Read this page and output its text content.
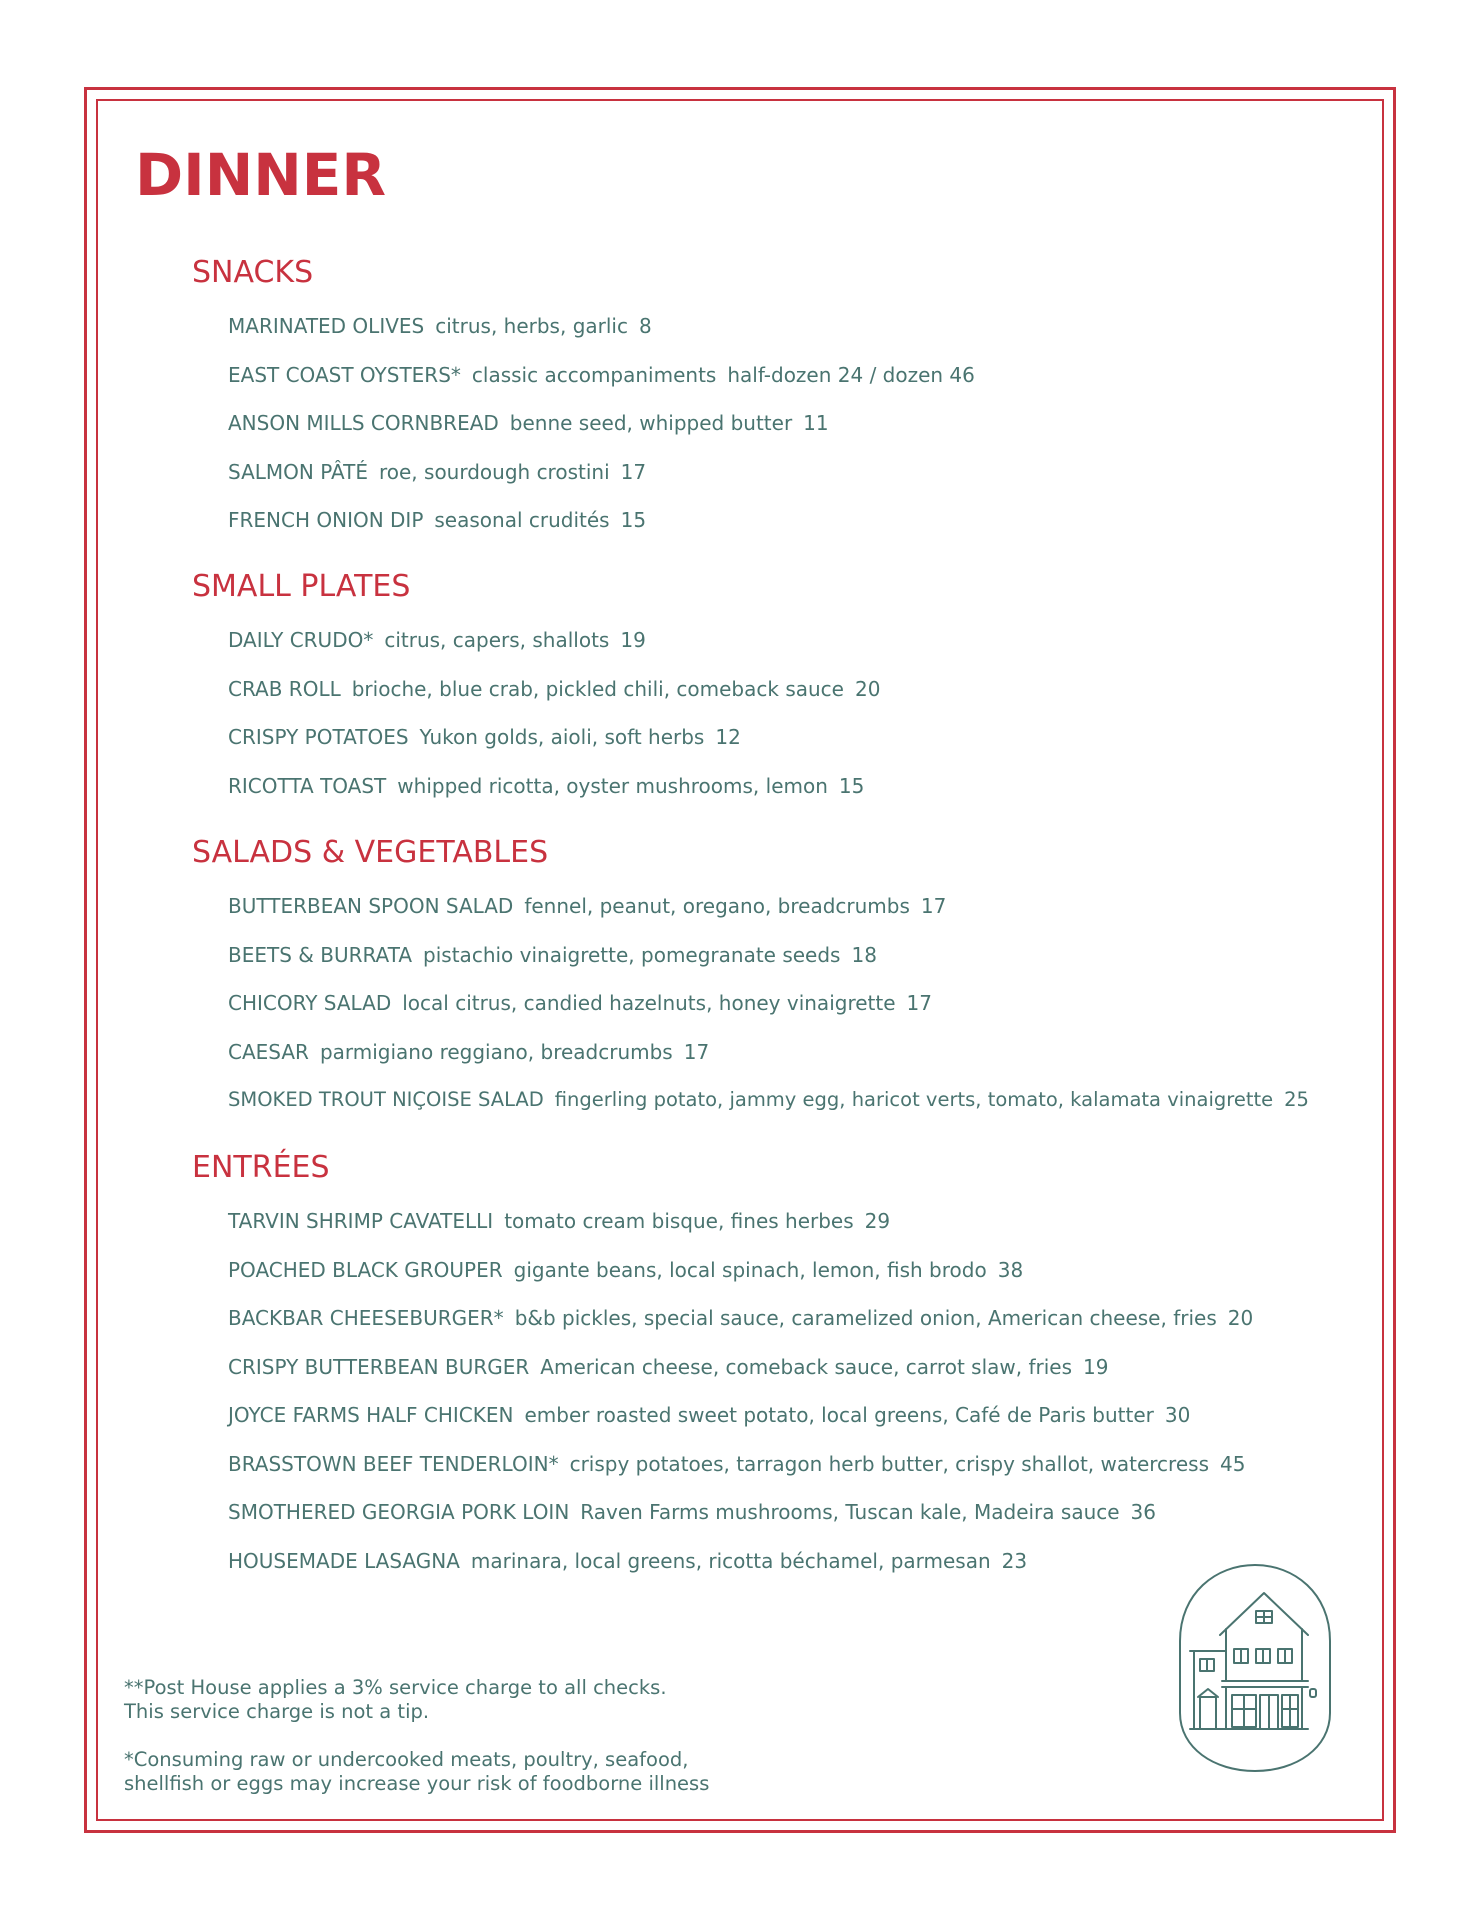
DINNER
SNACKS
MARINATED OLIVES citrus, herbs, garlic 8
EAST COAST OYSTERS* classic accompaniments half-dozen 24 / dozen 46
ANSON MILLS CORNBREAD benne seed, whipped butter 11
SALMON PÂTÉ roe, sourdough crostini 17
FRENCH ONION DIP seasonal crudités 15
SMALL PLATES
DAILY CRUDO* citrus, capers, shallots 19
CRAB ROLL brioche, blue crab, pickled chili, comeback sauce 20
CRISPY POTATOES Yukon golds, aioli, soft herbs 12
RICOTTA TOAST whipped ricotta, oyster mushrooms, lemon 15
SALADS & VEGETABLES
BUTTERBEAN SPOON SALAD fennel, peanut, oregano, breadcrumbs 17
BEETS & BURRATA pistachio vinaigrette, pomegranate seeds 18
CHICORY SALAD local citrus, candied hazelnuts, honey vinaigrette 17
CAESAR parmigiano reggiano, breadcrumbs 17
SMOKED TROUT NIÇOISE SALAD fingerling potato, jammy egg, haricot verts, tomato, kalamata vinaigrette 25
ENTRÉES
TARVIN SHRIMP CAVATELLI tomato cream bisque, fines herbes 29
POACHED BLACK GROUPER gigante beans, local spinach, lemon, fish brodo 38
BACKBAR CHEESEBURGER* b&b pickles, special sauce, caramelized onion, American cheese, fries 20
CRISPY BUTTERBEAN BURGER American cheese, comeback sauce, carrot slaw, fries 19
JOYCE FARMS HALF CHICKEN ember roasted sweet potato, local greens, Café de Paris butter 30
BRASSTOWN BEEF TENDERLOIN* crispy potatoes, tarragon herb butter, crispy shallot, watercress 45
SMOTHERED GEORGIA PORK LOIN Raven Farms mushrooms, Tuscan kale, Madeira sauce 36
HOUSEMADE LASAGNA marinara, local greens, ricotta béchamel, parmesan 23

**Post House applies a 3% service charge to all checks.
This service charge is not a tip.

*Consuming raw or undercooked meats, poultry, seafood,
shellfish or eggs may increase your risk of foodborne illness
